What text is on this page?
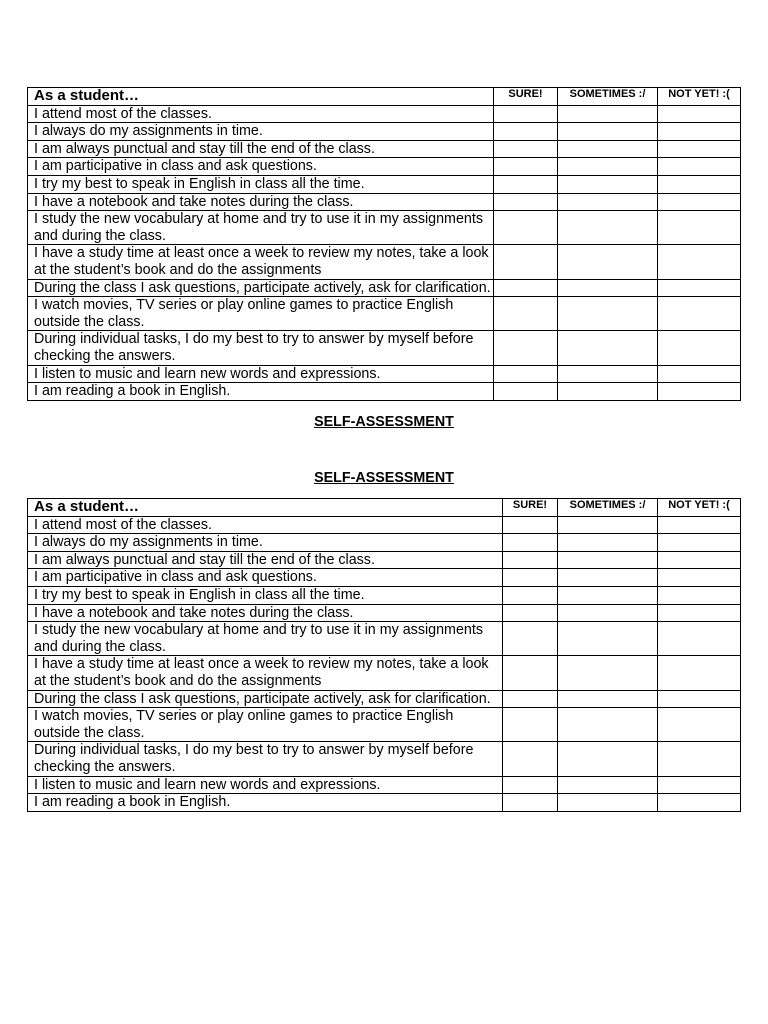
As a student…	SURE!	SOMETIMES :/	NOT YET! :(
I attend most of the classes.			
I always do my assignments in time.			
I am always punctual and stay till the end of the class.			
I am participative in class and ask questions.			
I try my best to speak in English in class all the time.			
I have a notebook and take notes during the class.			
I study the new vocabulary at home and try to use it in my assignments and during the class.			
I have a study time at least once a week to review my notes, take a look at the student’s book and do the assignments			
During the class I ask questions, participate actively, ask for clarification.			
I watch movies, TV series or play online games to practice English outside the class.			
During individual tasks, I do my best to try to answer by myself before checking the answers.			
I listen to music and learn new words and expressions.			
I am reading a book in English.			
SELF-ASSESSMENT
SELF-ASSESSMENT
As a student…	SURE!	SOMETIMES :/	NOT YET! :(
I attend most of the classes.			
I always do my assignments in time.			
I am always punctual and stay till the end of the class.			
I am participative in class and ask questions.			
I try my best to speak in English in class all the time.			
I have a notebook and take notes during the class.			
I study the new vocabulary at home and try to use it in my assignments and during the class.			
I have a study time at least once a week to review my notes, take a look at the student’s book and do the assignments			
During the class I ask questions, participate actively, ask for clarification.			
I watch movies, TV series or play online games to practice English outside the class.			
During individual tasks, I do my best to try to answer by myself before checking the answers.			
I listen to music and learn new words and expressions.			
I am reading a book in English.			
